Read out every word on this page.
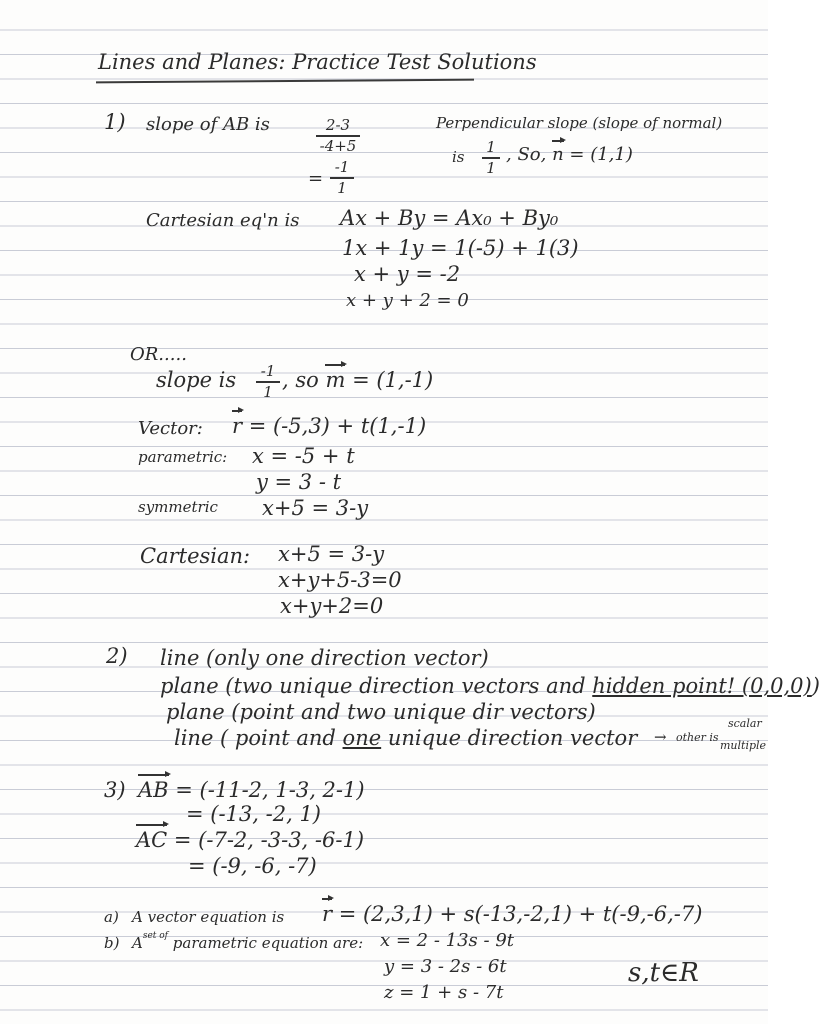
Lines and Planes: Practice Test Solutions
1) slope of AB is	2-3
-4+5
=
-1
1
Perpendicular slope (slope of normal)
is
1
1
, So, n = (1,1)
Cartesian eq'n is Ax + By = Ax₀ + By₀
1x + 1y = 1(-5) + 1(3)
x + y = -2
x + y + 2 = 0
OR.....
slope is	-1
1 , so m = (1,-1)
Vector: r = (-5,3) + t(1,-1)
parametric: x = -5 + t
y = 3 - t
symmetric x+5 = 3-y
Cartesian: x+5 = 3-y
x+y+5-3=0
x+y+2=0
2) line (only one direction vector)
plane (two unique direction vectors and hidden point! (0,0,0))
plane (point and two unique dir vectors)
line ( point and one unique direction vector → other is
scalar
multiple
3) AB = (-11-2, 1-3, 2-1)
= (-13, -2, 1)
AC = (-7-2, -3-3, -6-1)
= (-9, -6, -7)
a) A vector equation is r = (2,3,1) + s(-13,-2,1) + t(-9,-6,-7)
b) $A^{set of}$ parametric equation are: x = 2 - 13s - 9t
y = 3 - 2s - 6t
z = 1 + s - 7t
s,t∈R
